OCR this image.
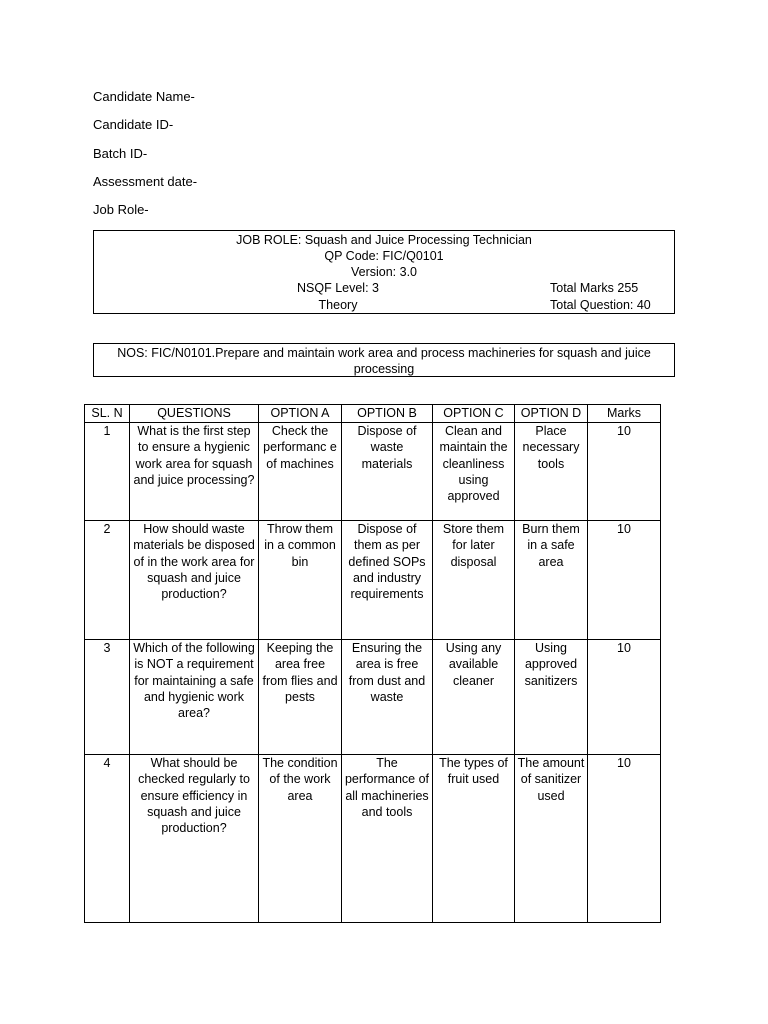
Candidate Name-
Candidate ID-
Batch ID-
Assessment date-
Job Role-
JOB ROLE: Squash and Juice Processing Technician
QP Code: FIC/Q0101
Version: 3.0
NSQF Level: 3	Total Marks 255
Theory	Total Question: 40
NOS: FIC/N0101.Prepare and maintain work area and process machineries for squash and juice processing
SL. N	QUESTIONS	OPTION A	OPTION B	OPTION C	OPTION D	Marks
1	What is the first step to ensure a hygienic work area for squash and juice processing?	Check the performanc e of machines	Dispose of waste materials	Clean and maintain the cleanliness using approved	Place necessary tools	10
2	How should waste materials be disposed of in the work area for squash and juice production?	Throw them in a common bin	Dispose of them as per defined SOPs and industry requirements	Store them for later disposal	Burn them in a safe area	10
3	Which of the following is NOT a requirement for maintaining a safe and hygienic work area?	Keeping the area free from flies and pests	Ensuring the area is free from dust and waste	Using any available cleaner	Using approved sanitizers	10
4	What should be checked regularly to ensure efficiency in squash and juice production?	The condition of the work area	The performance of all machineries and tools	The types of fruit used	The amount of sanitizer used	10
